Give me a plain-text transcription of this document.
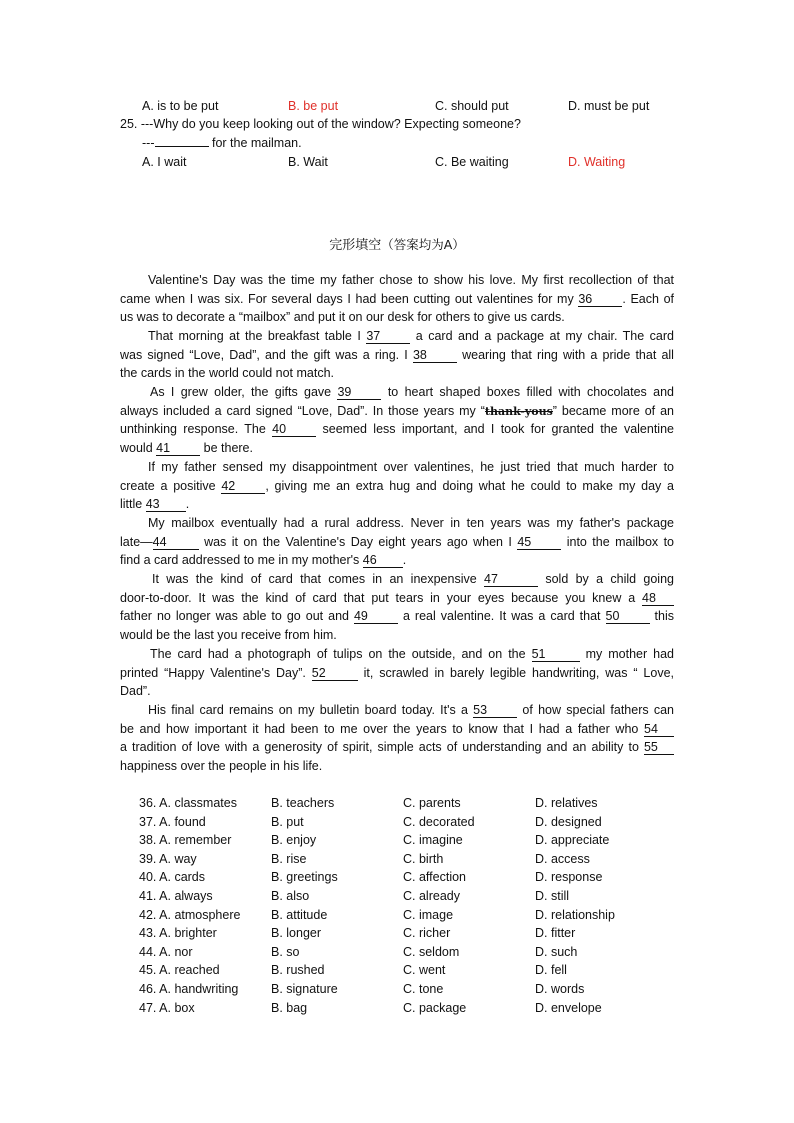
A. is to be put	B. be put	C. should put	D. must be put
25. ---Why do you keep looking out of the window? Expecting someone?
---	for the mailman.
A. I wait	B. Wait	C. Be waiting	D. Waiting
完形填空（答案均为A）
Valentine's Day was the time my father chose to show his love. My first recollection of that
came when I was six. For several days I had been cutting out valentines for my 36 . Each of
us was to decorate a “mailbox” and put it on our desk for others to give us cards.
That morning at the breakfast table I 37	a card and a package at my chair. The card
was signed “Love, Dad”, and the gift was a ring. I 38	wearing that ring with a pride that all
the cards in the world could not match.
As I grew older, the gifts gave 39	to heart shaped boxes filled with chocolates and
always included a card signed “Love, Dad”. In those years my “thank-yous” became more of an
unthinking response. The 40	seemed less important, and I took for granted the valentine
would 41	be there.
If my father sensed my disappointment over valentines, he just tried that much harder to
create a positive 42 , giving me an extra hug and doing what he could to make my day a
little 43 .
My mailbox eventually had a rural address. Never in ten years was my father's package
late—44	was it on the Valentine's Day eight years ago when I 45	into the mailbox to
find a card addressed to me in my mother's 46 .
It was the kind of card that comes in an inexpensive 47	sold by a child going
door-to-door. It was the kind of card that put tears in your eyes because you knew a 48
father no longer was able to go out and 49	a real valentine. It was a card that 50	this
would be the last you receive from him.
The card had a photograph of tulips on the outside, and on the 51	my mother had
printed “Happy Valentine's Day”. 52	it, scrawled in barely legible handwriting, was “ Love,
Dad”.
His final card remains on my bulletin board today. It's a 53	of how special fathers can
be and how important it had been to me over the years to know that I had a father who 54
a tradition of love with a generosity of spirit, simple acts of understanding and an ability to 55
happiness over the people in his life.
36. A. classmates	B. teachers	C. parents	D. relatives
37. A. found	B. put	C. decorated	D. designed
38. A. remember	B. enjoy	C. imagine	D. appreciate
39. A. way	B. rise	C. birth	D. access
40. A. cards	B. greetings	C. affection	D. response
41. A. always	B. also	C. already	D. still
42. A. atmosphere B. attitude	C. image	D. relationship
43. A. brighter	B. longer	C. richer	D. fitter
44. A. nor	B. so	C. seldom	D. such
45. A. reached	B. rushed	C. went	D. fell
46. A. handwriting	B. signature	C. tone	D. words
47. A. box	B. bag	C. package	D. envelope
